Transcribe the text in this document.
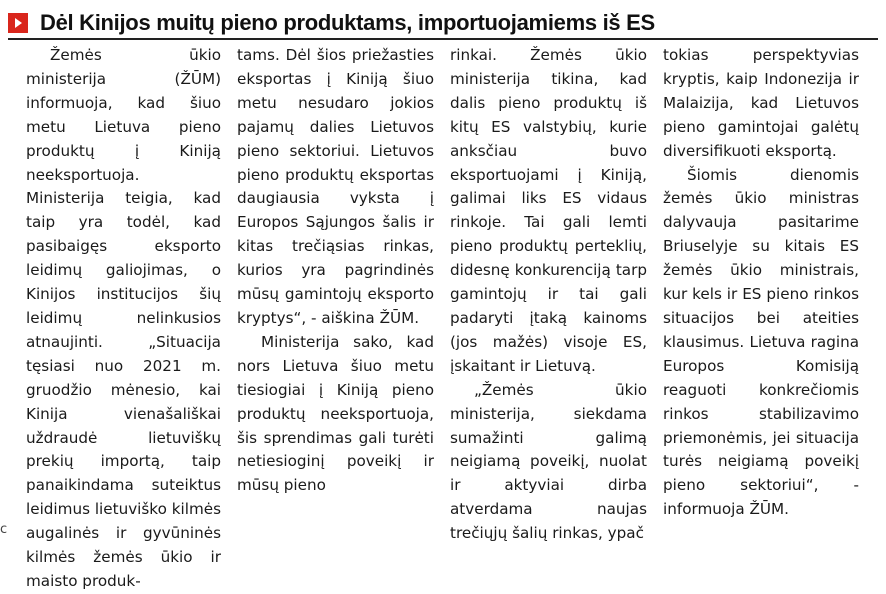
Dėl Kinijos muitų pieno produktams, importuojamiems iš ES

Žemės ūkio ministerija (ŽŪM) informuoja, kad šiuo metu Lietuva pieno produktų į Kiniją neeksportuoja. Ministerija teigia, kad taip yra todėl, kad pasibaigęs eksporto leidimų galiojimas, o Kinijos institucijos šių leidimų nelinkusios atnaujinti. „Situacija tęsiasi nuo 2021 m. gruodžio mėnesio, kai Kinija vienašališkai uždraudė lietuviškų prekių importą, taip panaikindama suteiktus leidimus lietuviško kilmės augalinės ir gyvūninės kilmės žemės ūkio ir maisto produk-

tams. Dėl šios priežasties eksportas į Kiniją šiuo metu nesudaro jokios pajamų dalies Lietuvos pieno sektoriui. Lietuvos pieno produktų eksportas daugiausia vyksta į Europos Sąjungos šalis ir kitas trečiąsias rinkas, kurios yra pagrindinės mūsų gamintojų eksporto kryptys“, - aiškina ŽŪM.

Ministerija sako, kad nors Lietuva šiuo metu tiesiogiai į Kiniją pieno produktų neeksportuoja, šis sprendimas gali turėti netiesioginį poveikį ir mūsų pieno

rinkai. Žemės ūkio ministerija tikina, kad dalis pieno produktų iš kitų ES valstybių, kurie anksčiau buvo eksportuojami į Kiniją, galimai liks ES vidaus rinkoje. Tai gali lemti pieno produktų perteklių, didesnę konkurenciją tarp gamintojų ir tai gali padaryti įtaką kainoms (jos mažės) visoje ES, įskaitant ir Lietuvą.

„Žemės ūkio ministerija, siekdama sumažinti galimą neigiamą poveikį, nuolat ir aktyviai dirba atverdama naujas trečiųjų šalių rinkas, ypač

tokias perspektyvias kryptis, kaip Indonezija ir Malaizija, kad Lietuvos pieno gamintojai galėtų diversifikuoti eksportą.

Šiomis dienomis žemės ūkio ministras dalyvauja pasitarime Briuselyje su kitais ES žemės ūkio ministrais, kur kels ir ES pieno rinkos situacijos bei ateities klausimus. Lietuva ragina Europos Komisiją reaguoti konkrečiomis rinkos stabilizavimo priemonėmis, jei situacija turės neigiamą poveikį pieno sektoriui“, - informuoja ŽŪM.

c
